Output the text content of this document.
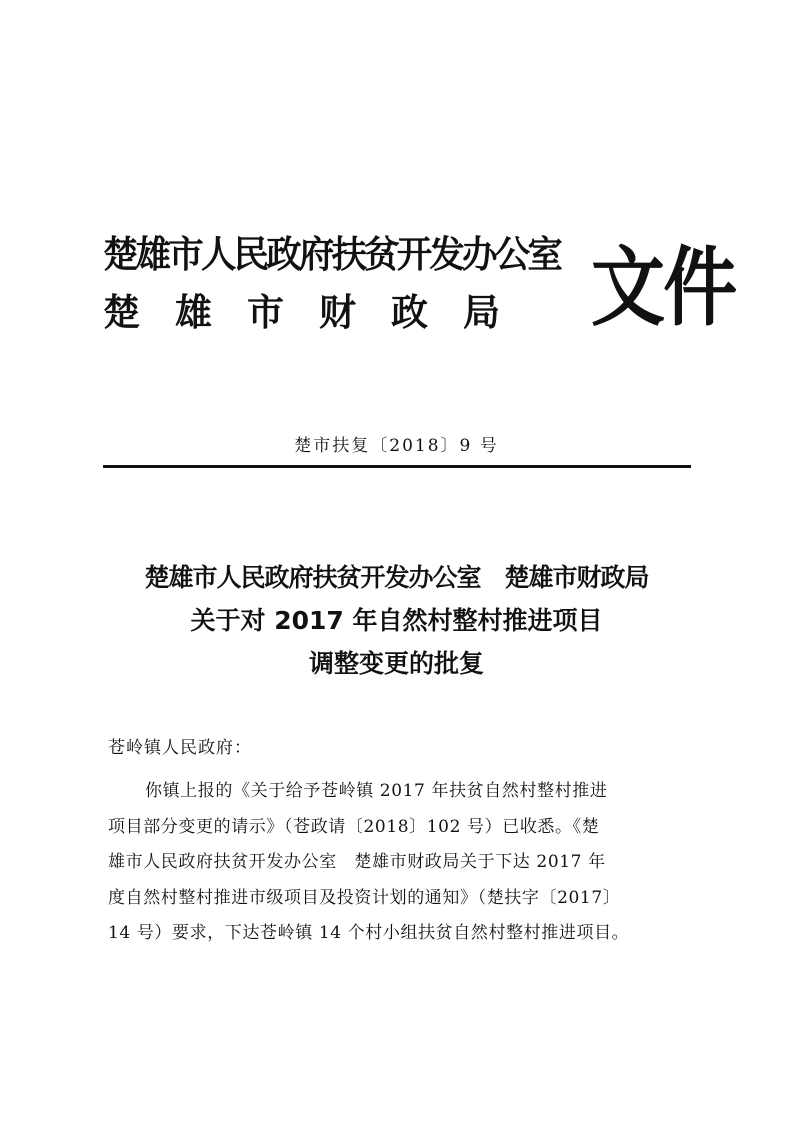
楚雄市人民政府扶贫开发办公室
楚雄市财政局 文件
楚市扶复〔2018〕9 号
楚雄市人民政府扶贫开发办公室　楚雄市财政局
关于对 2017 年自然村整村推进项目
调整变更的批复
苍岭镇人民政府：
你镇上报的《关于给予苍岭镇 2017 年扶贫自然村整村推进
项目部分变更的请示》（苍政请〔2018〕102 号）已收悉。《楚
雄市人民政府扶贫开发办公室　楚雄市财政局关于下达 2017 年
度自然村整村推进市级项目及投资计划的通知》（楚扶字〔2017〕
14 号）要求，下达苍岭镇 14 个村小组扶贫自然村整村推进项目。
